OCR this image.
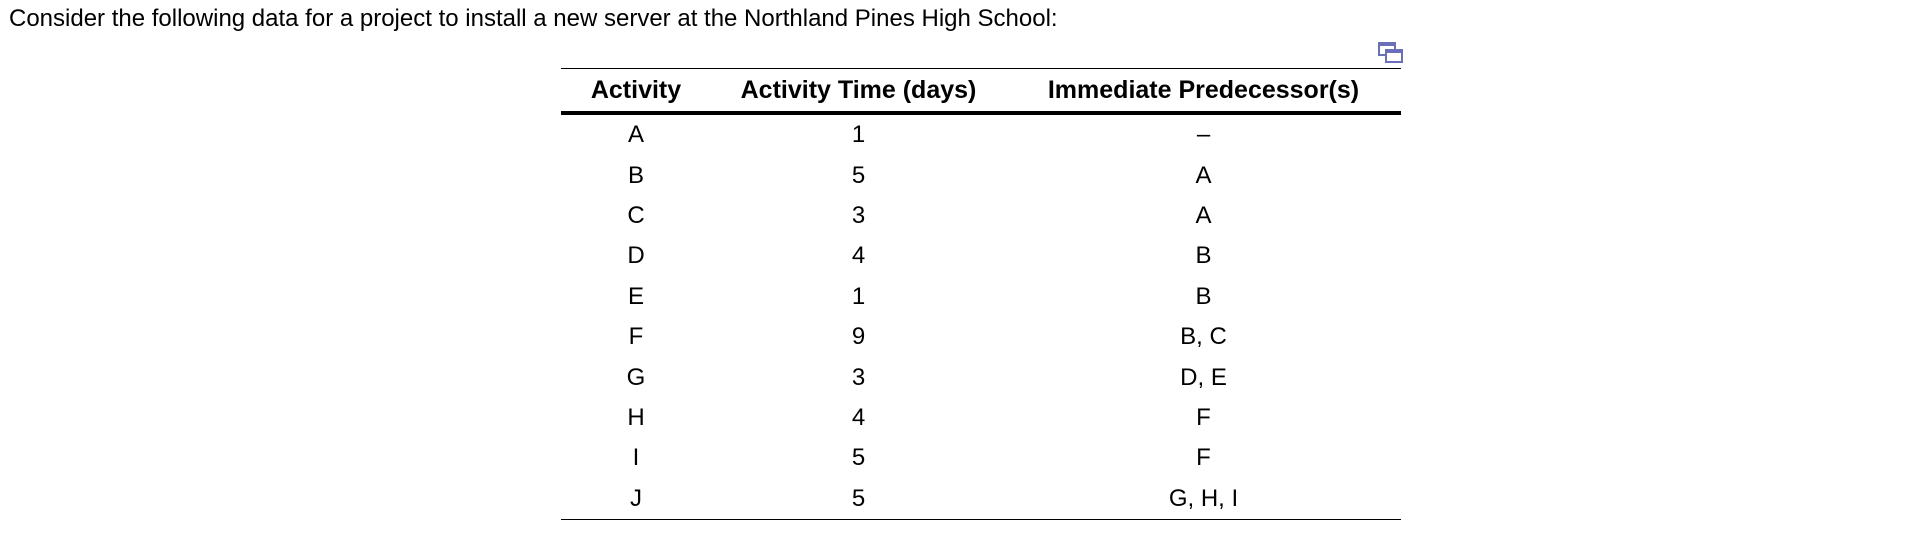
Consider the following data for a project to install a new server at the Northland Pines High School:
Activity	Activity Time (days)	Immediate Predecessor(s)
A	1	–
B	5	A
C	3	A
D	4	B
E	1	B
F	9	B, C
G	3	D, E
H	4	F
I	5	F
J	5	G, H, I
